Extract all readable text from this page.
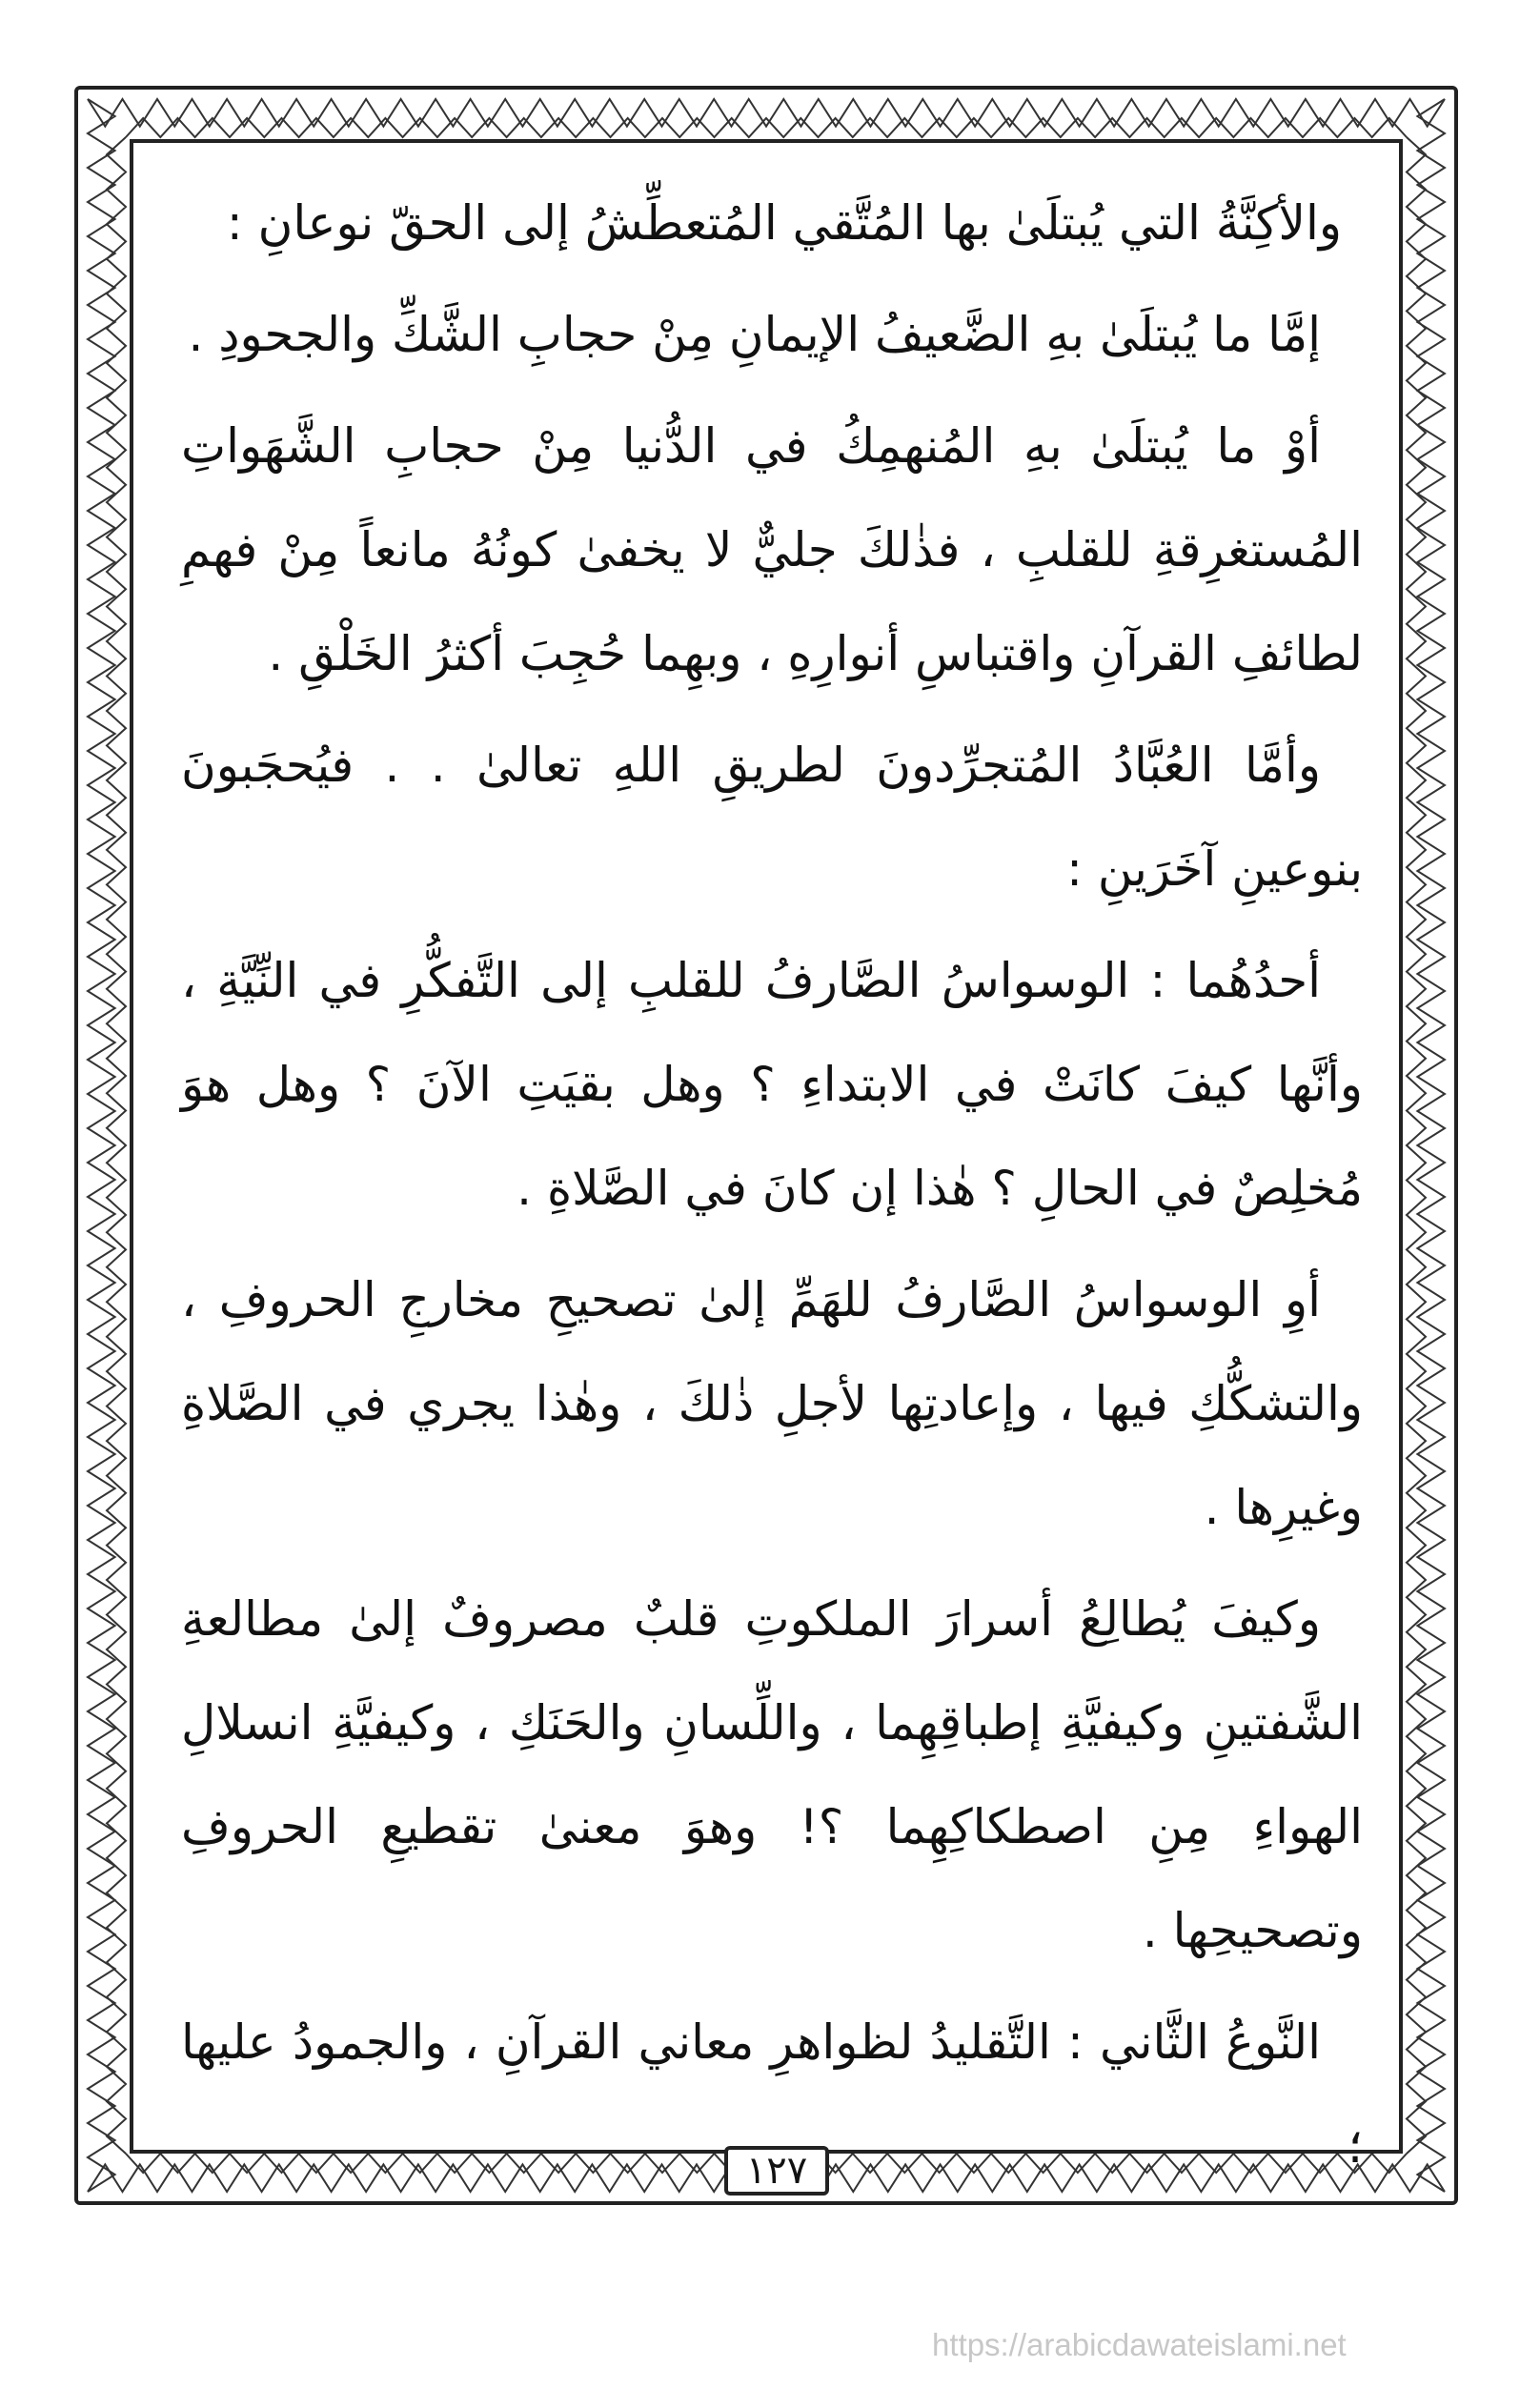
والأكِنَّةُ التي يُبتلَىٰ بها المُتَّقي المُتعطِّشُ إلى الحقّ نوعانِ :

إمَّا ما يُبتلَىٰ بهِ الضَّعيفُ الإيمانِ مِنْ حجابِ الشَّكِّ والجحودِ .

أوْ ما يُبتلَىٰ بهِ المُنهمِكُ في الدُّنيا مِنْ حجابِ الشَّهَواتِ المُستغرِقةِ للقلبِ ، فذٰلكَ جليٌّ لا يخفىٰ كونُهُ مانعاً مِنْ فهمِ لطائفِ القرآنِ واقتباسِ أنوارِهِ ، وبهِما حُجِبَ أكثرُ الخَلْقِ .

وأمَّا العُبَّادُ المُتجرِّدونَ لطريقِ اللهِ تعالىٰ . . فيُحجَبونَ بنوعينِ آخَرَينِ :

أحدُهُما : الوسواسُ الصَّارفُ للقلبِ إلى التَّفكُّرِ في النِّيَّةِ ، وأنَّها كيفَ كانَتْ في الابتداءِ ؟ وهل بقيَتِ الآنَ ؟ وهل هوَ مُخلِصٌ في الحالِ ؟ هٰذا إن كانَ في الصَّلاةِ .

أوِ الوسواسُ الصَّارفُ للهَمِّ إلىٰ تصحيحِ مخارجِ الحروفِ ، والتشكُّكِ فيها ، وإعادتِها لأجلِ ذٰلكَ ، وهٰذا يجري في الصَّلاةِ وغيرِها .

وكيفَ يُطالِعُ أسرارَ الملكوتِ قلبٌ مصروفٌ إلىٰ مطالعةِ الشَّفتينِ وكيفيَّةِ إطباقِهِما ، واللِّسانِ والحَنَكِ ، وكيفيَّةِ انسلالِ الهواءِ مِنِ اصطكاكِهِما ؟! وهوَ معنىٰ تقطيعِ الحروفِ وتصحيحِها .

النَّوعُ الثَّاني : التَّقليدُ لظواهرِ معاني القرآنِ ، والجمودُ عليها ؛

١٢٧
https://arabicdawateislami.net
